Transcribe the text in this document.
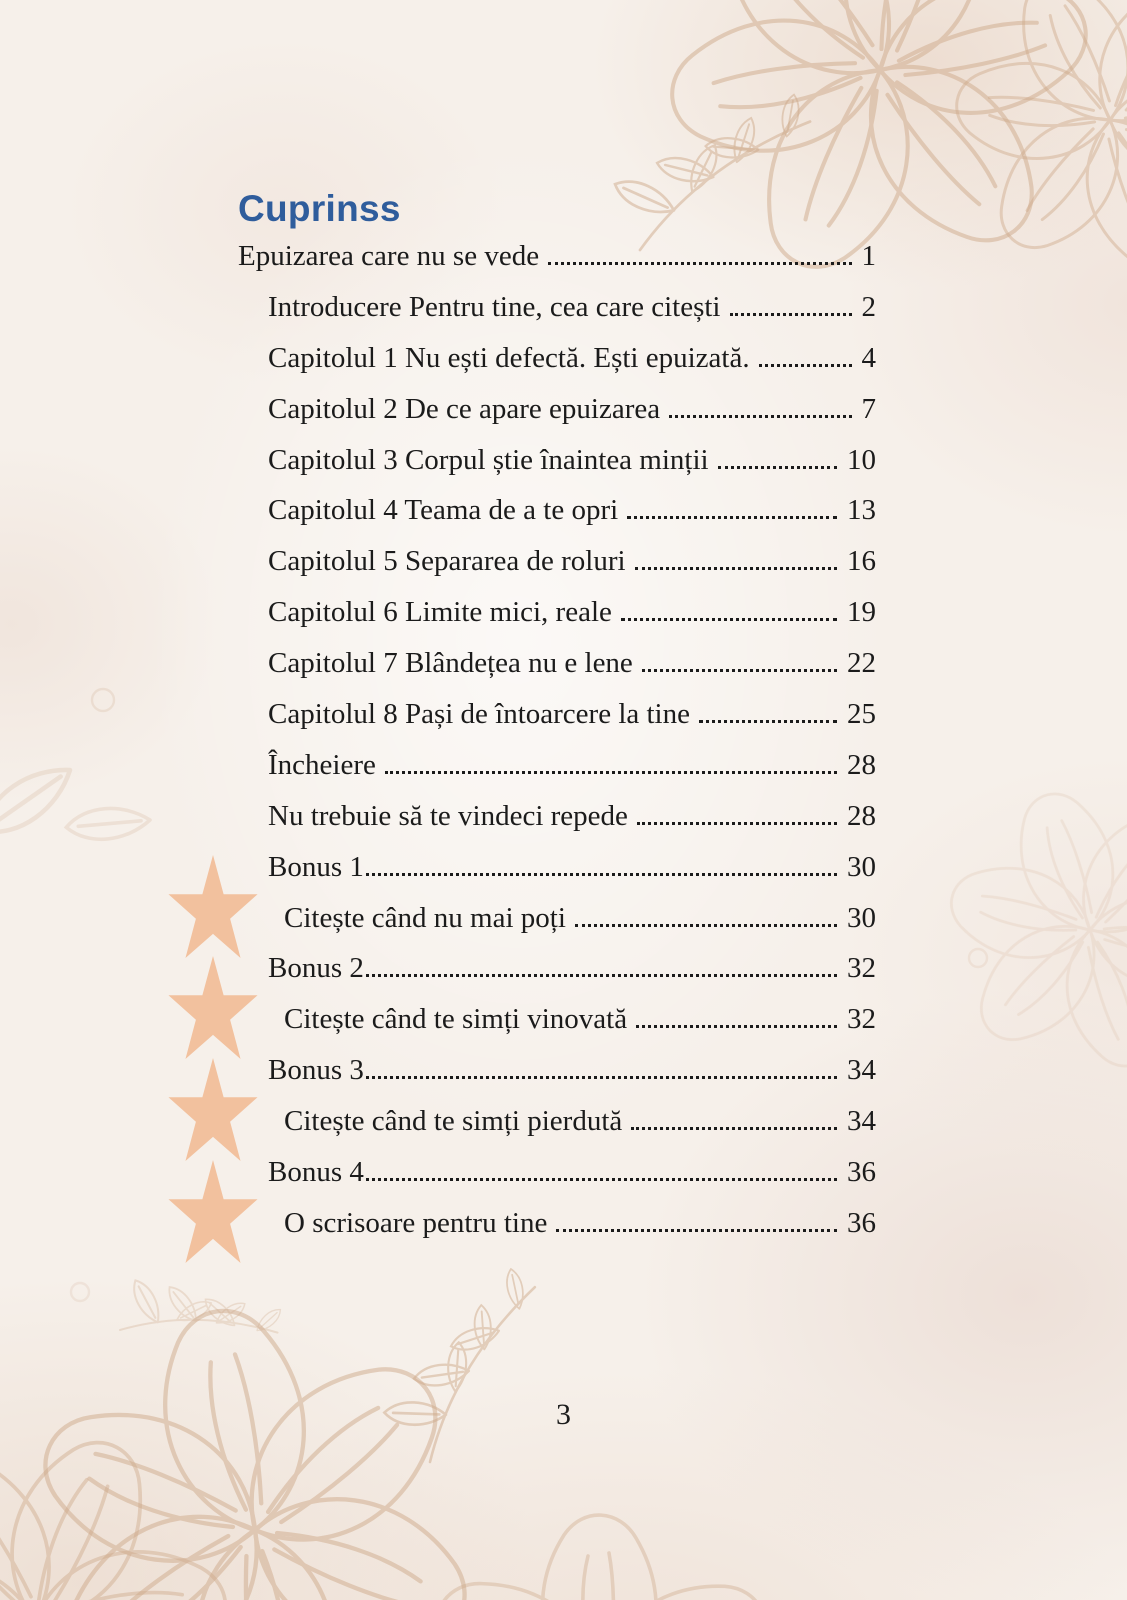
Cuprinss
Epuizarea care nu se vede	1
Introducere Pentru tine, cea care citești	2
Capitolul 1 Nu ești defectă. Ești epuizată.	4
Capitolul 2 De ce apare epuizarea	7
Capitolul 3 Corpul știe înaintea minții	10
Capitolul 4 Teama de a te opri	13
Capitolul 5 Separarea de roluri	16
Capitolul 6 Limite mici, reale	19
Capitolul 7 Blândețea nu e lene	22
Capitolul 8 Pași de întoarcere la tine	25
Încheiere	28
Nu trebuie să te vindeci repede	28
Bonus 1	30
Citește când nu mai poți	30
Bonus 2	32
Citește când te simți vinovată	32
Bonus 3	34
Citește când te simți pierdută	34
Bonus 4	36
O scrisoare pentru tine	36
3
